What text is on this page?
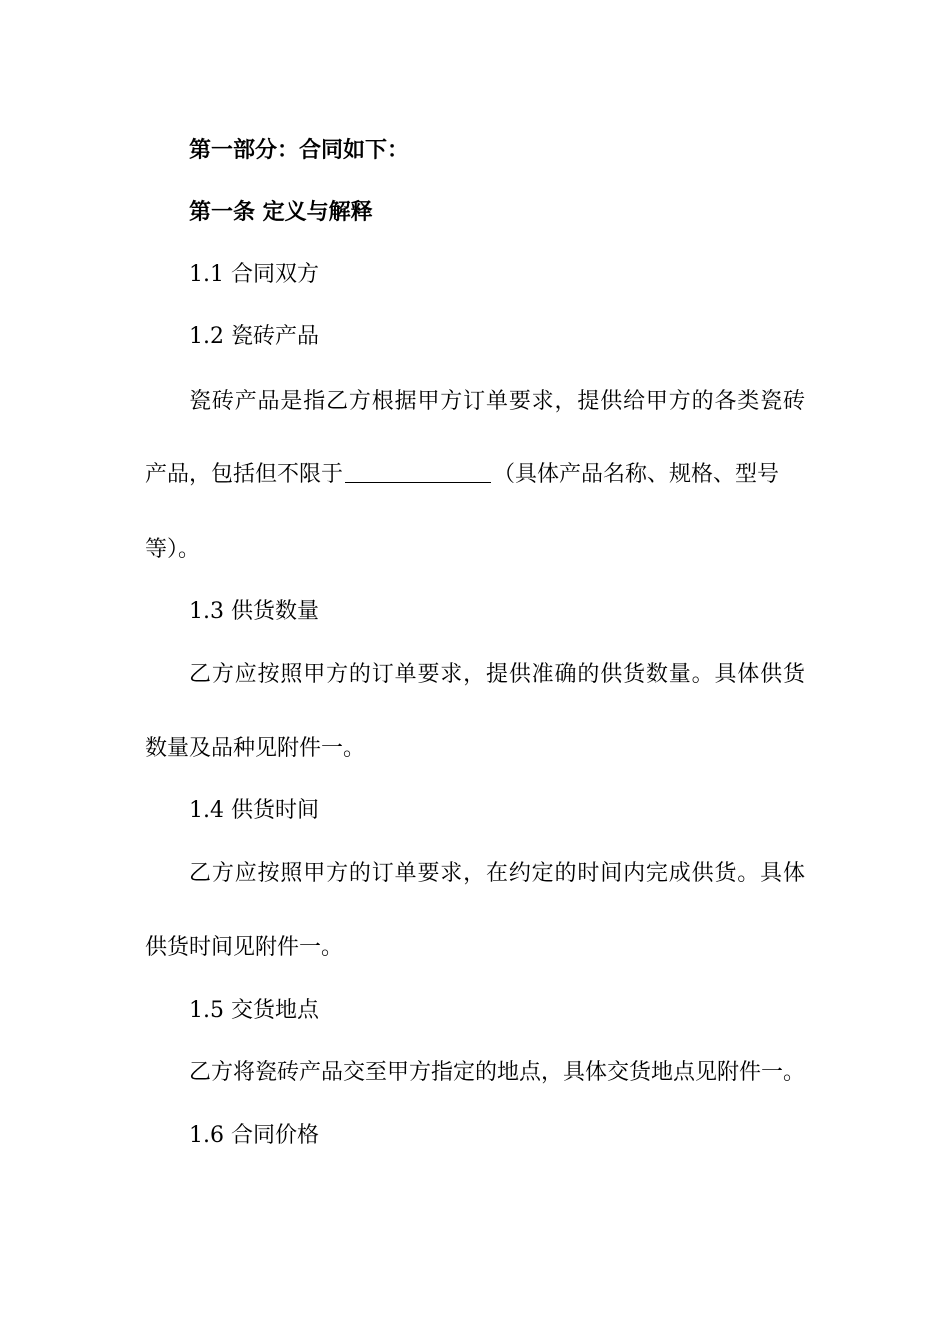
第一部分：合同如下：
第一条 定义与解释
1.1 合同双方
1.2 瓷砖产品
瓷砖产品是指乙方根据甲方订单要求，提供给甲方的各类瓷砖
产品，包括但不限于	（具体产品名称、规格、型号
等）。
1.3 供货数量
乙方应按照甲方的订单要求，提供准确的供货数量。具体供货
数量及品种见附件一。
1.4 供货时间
乙方应按照甲方的订单要求，在约定的时间内完成供货。具体
供货时间见附件一。
1.5 交货地点
乙方将瓷砖产品交至甲方指定的地点，具体交货地点见附件一。
1.6 合同价格
